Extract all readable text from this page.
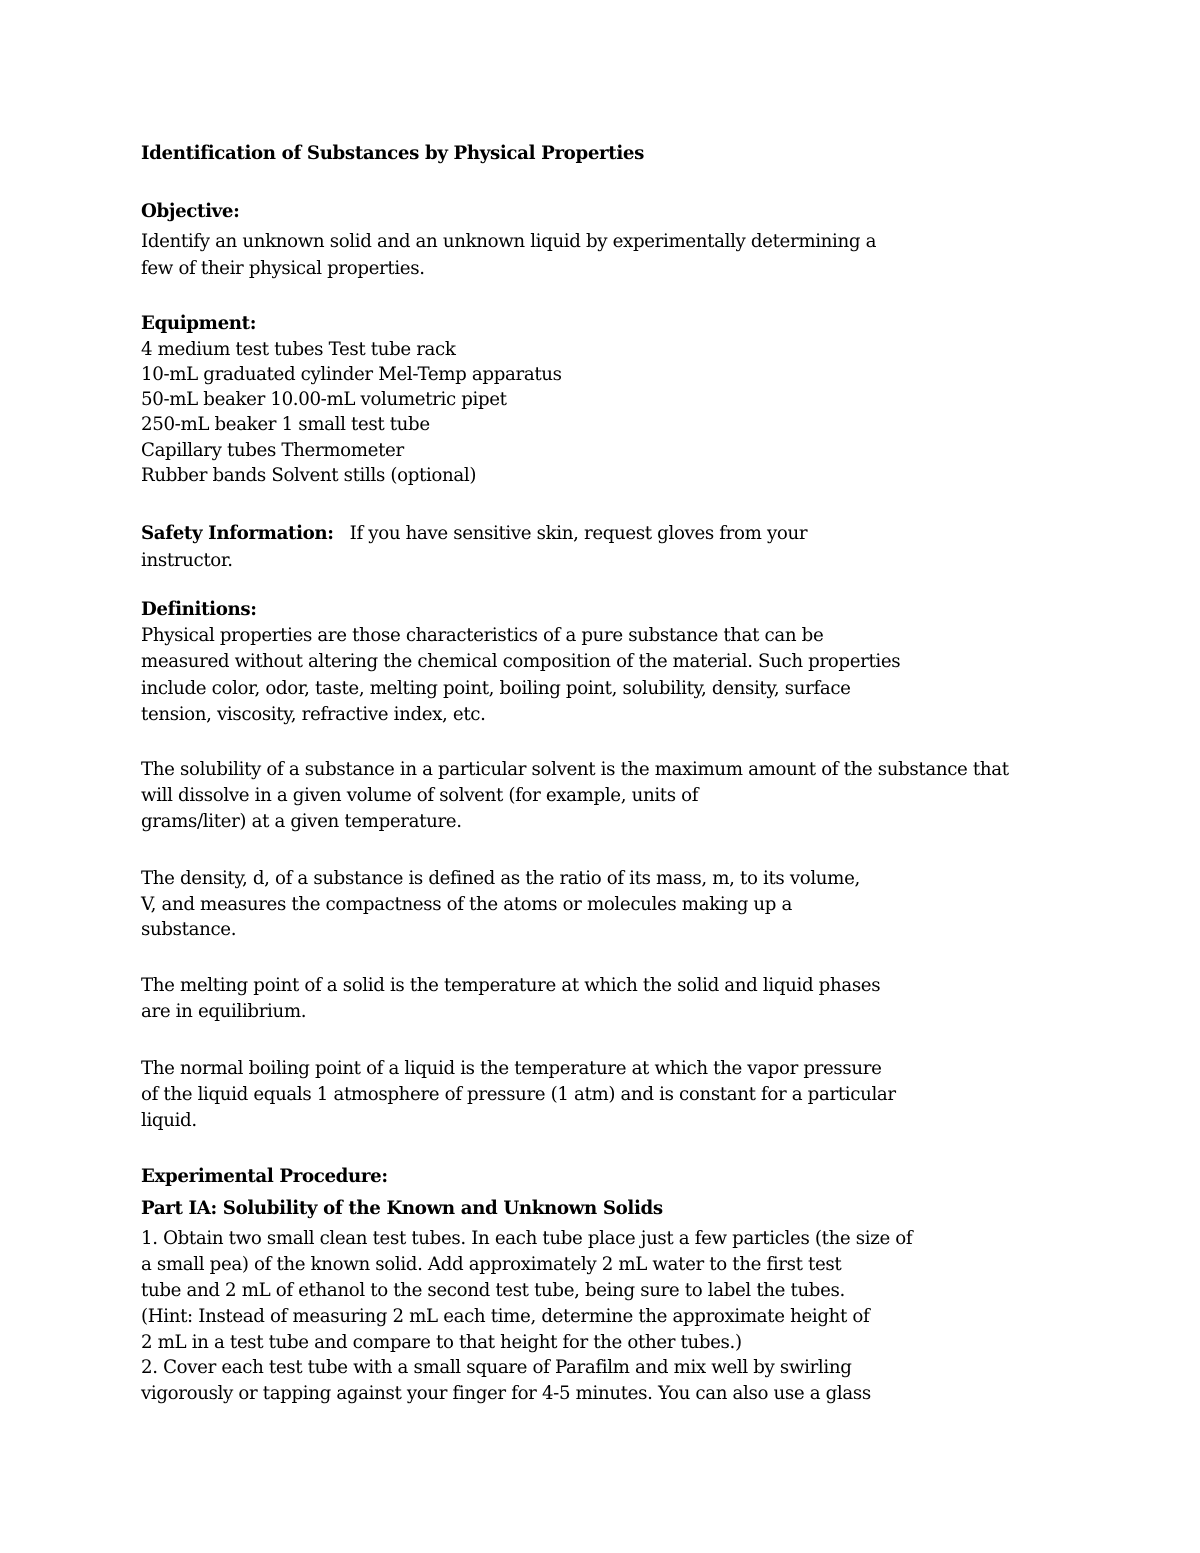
Identification of Substances by Physical Properties
Objective:
Identify an unknown solid and an unknown liquid by experimentally determining a
few of their physical properties.
Equipment:
4 medium test tubes Test tube rack
10-mL graduated cylinder Mel-Temp apparatus
50-mL beaker 10.00-mL volumetric pipet
250-mL beaker 1 small test tube
Capillary tubes Thermometer
Rubber bands Solvent stills (optional)
Safety Information: If you have sensitive skin, request gloves from your
instructor.
Definitions:
Physical properties are those characteristics of a pure substance that can be
measured without altering the chemical composition of the material. Such properties
include color, odor, taste, melting point, boiling point, solubility, density, surface
tension, viscosity, refractive index, etc.
The solubility of a substance in a particular solvent is the maximum amount of the substance that
will dissolve in a given volume of solvent (for example, units of
grams/liter) at a given temperature.
The density, d, of a substance is defined as the ratio of its mass, m, to its volume,
V, and measures the compactness of the atoms or molecules making up a
substance.
The melting point of a solid is the temperature at which the solid and liquid phases
are in equilibrium.
The normal boiling point of a liquid is the temperature at which the vapor pressure
of the liquid equals 1 atmosphere of pressure (1 atm) and is constant for a particular
liquid.
Experimental Procedure:
Part IA: Solubility of the Known and Unknown Solids
1. Obtain two small clean test tubes. In each tube place just a few particles (the size of
a small pea) of the known solid. Add approximately 2 mL water to the first test
tube and 2 mL of ethanol to the second test tube, being sure to label the tubes.
(Hint: Instead of measuring 2 mL each time, determine the approximate height of
2 mL in a test tube and compare to that height for the other tubes.)
2. Cover each test tube with a small square of Parafilm and mix well by swirling
vigorously or tapping against your finger for 4-5 minutes. You can also use a glass
